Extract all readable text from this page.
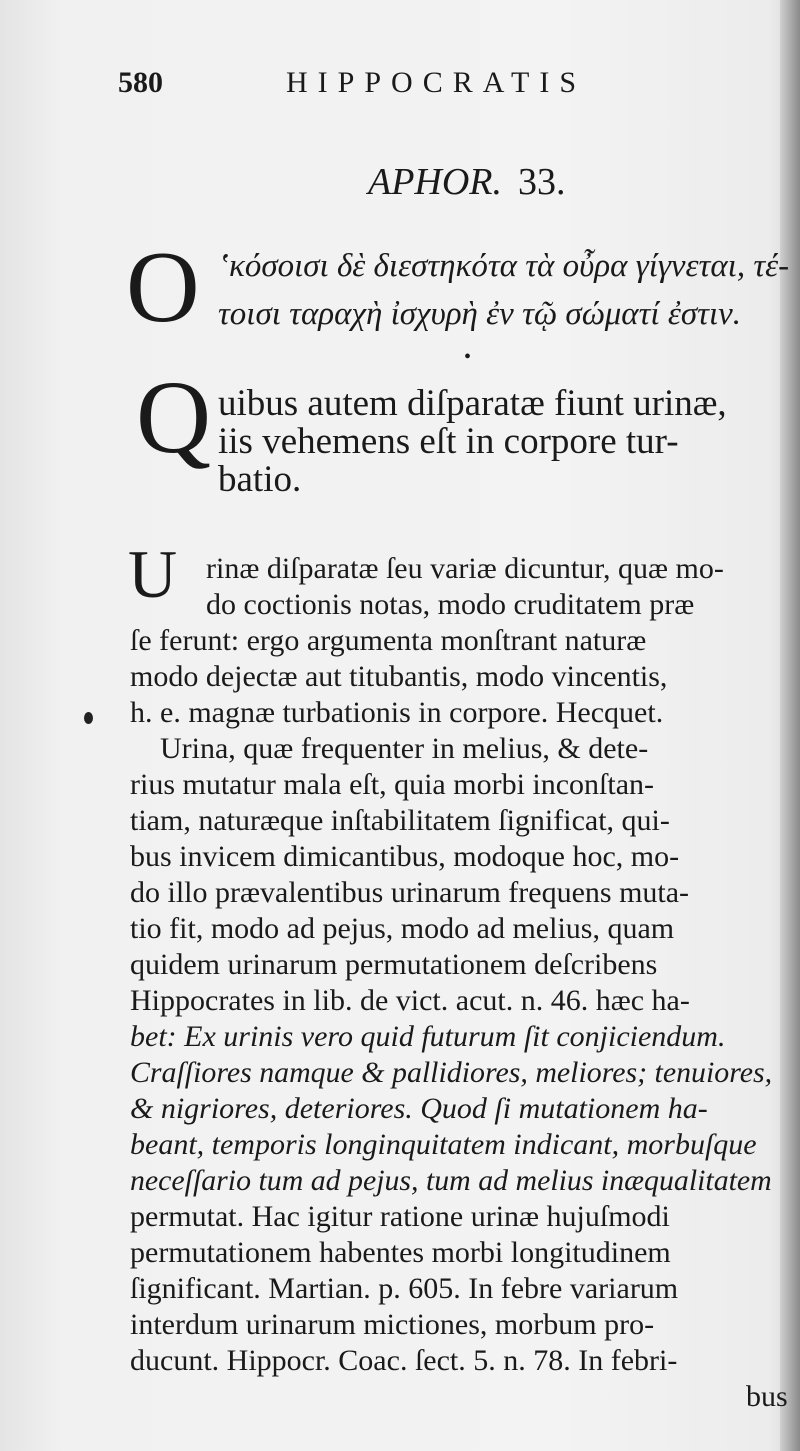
580	HIPPOCRATIS
APHOR. 33.
O ʽκόσοισι δὲ διεστηκότα τὰ οὖρα γίγνεται, τέ-
τοισι ταραχὴ ἰσχυρὴ ἐν τῷ σώματί ἐστιν.
•
Q uibus autem diſparatæ fiunt urinæ,
iis vehemens eſt in corpore tur-
batio.
U rinæ diſparatæ ſeu variæ dicuntur, quæ mo-
do coctionis notas, modo cruditatem præ
ſe ferunt: ergo argumenta monſtrant naturæ
modo dejectæ aut titubantis, modo vincentis,
h. e. magnæ turbationis in corpore. Hecquet.
Urina, quæ frequenter in melius, & dete-
rius mutatur mala eſt, quia morbi inconſtan-
tiam, naturæque inſtabilitatem ſignificat, qui-
bus invicem dimicantibus, modoque hoc, mo-
do illo prævalentibus urinarum frequens muta-
tio fit, modo ad pejus, modo ad melius, quam
quidem urinarum permutationem deſcribens
Hippocrates in lib. de vict. acut. n. 46. hæc ha-
bet: Ex urinis vero quid futurum ſit conjiciendum.
Craſſiores namque & pallidiores, meliores; tenuiores,
& nigriores, deteriores. Quod ſi mutationem ha-
beant, temporis longinquitatem indicant, morbuſque
neceſſario tum ad pejus, tum ad melius inæqualitatem
permutat. Hac igitur ratione urinæ hujuſmodi
permutationem habentes morbi longitudinem
ſignificant. Martian. p. 605. In febre variarum
interdum urinarum mictiones, morbum pro-
ducunt. Hippocr. Coac. ſect. 5. n. 78. In febri-
bus
